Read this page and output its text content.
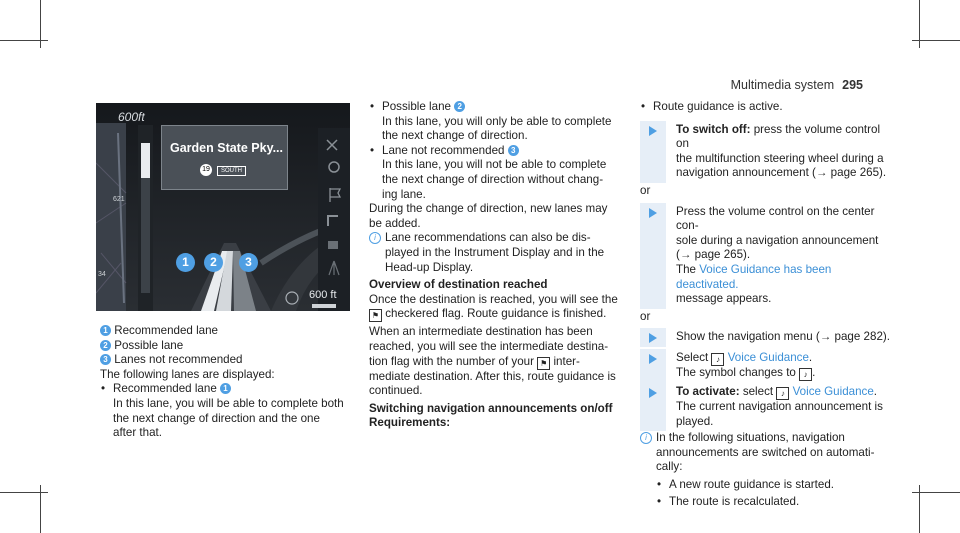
Multimedia system 295
600ft
621
34
Garden State Pky...
19	SOUTH
1	2	3
600 ft

1 Recommended lane

2 Possible lane

3 Lanes not recommended

The following lanes are displayed:

• Recommended lane 1

In this lane, you will be able to complete both

the next change of direction and the one

after that.

• Possible lane 2

In this lane, you will only be able to complete

the next change of direction.

• Lane not recommended 3

In this lane, you will not be able to complete

the next change of direction without chang-

ing lane.

During the change of direction, new lanes may

be added.

i Lane recommendations can also be dis-

played in the Instrument Display and in the

Head-up Display.

Overview of destination reached

Once the destination is reached, you will see the

⚑ checkered flag. Route guidance is finished.

When an intermediate destination has been

reached, you will see the intermediate destina-

tion flag with the number of your ⚑ inter-

mediate destination. After this, route guidance is

continued.

Switching navigation announcements on/off

Requirements:

• Route guidance is active.

To switch off: press the volume control on

the multifunction steering wheel during a

navigation announcement (→ page 265).

or

Press the volume control on the center con-

sole during a navigation announcement

(→ page 265).

The Voice Guidance has been deactivated.

message appears.

or

Show the navigation menu (→ page 282).

Select ♪ Voice Guidance.

The symbol changes to ♪ .

To activate: select ♪ Voice Guidance.

The current navigation announcement is

played.

i In the following situations, navigation

announcements are switched on automati-

cally:

• A new route guidance is started.

• The route is recalculated.
